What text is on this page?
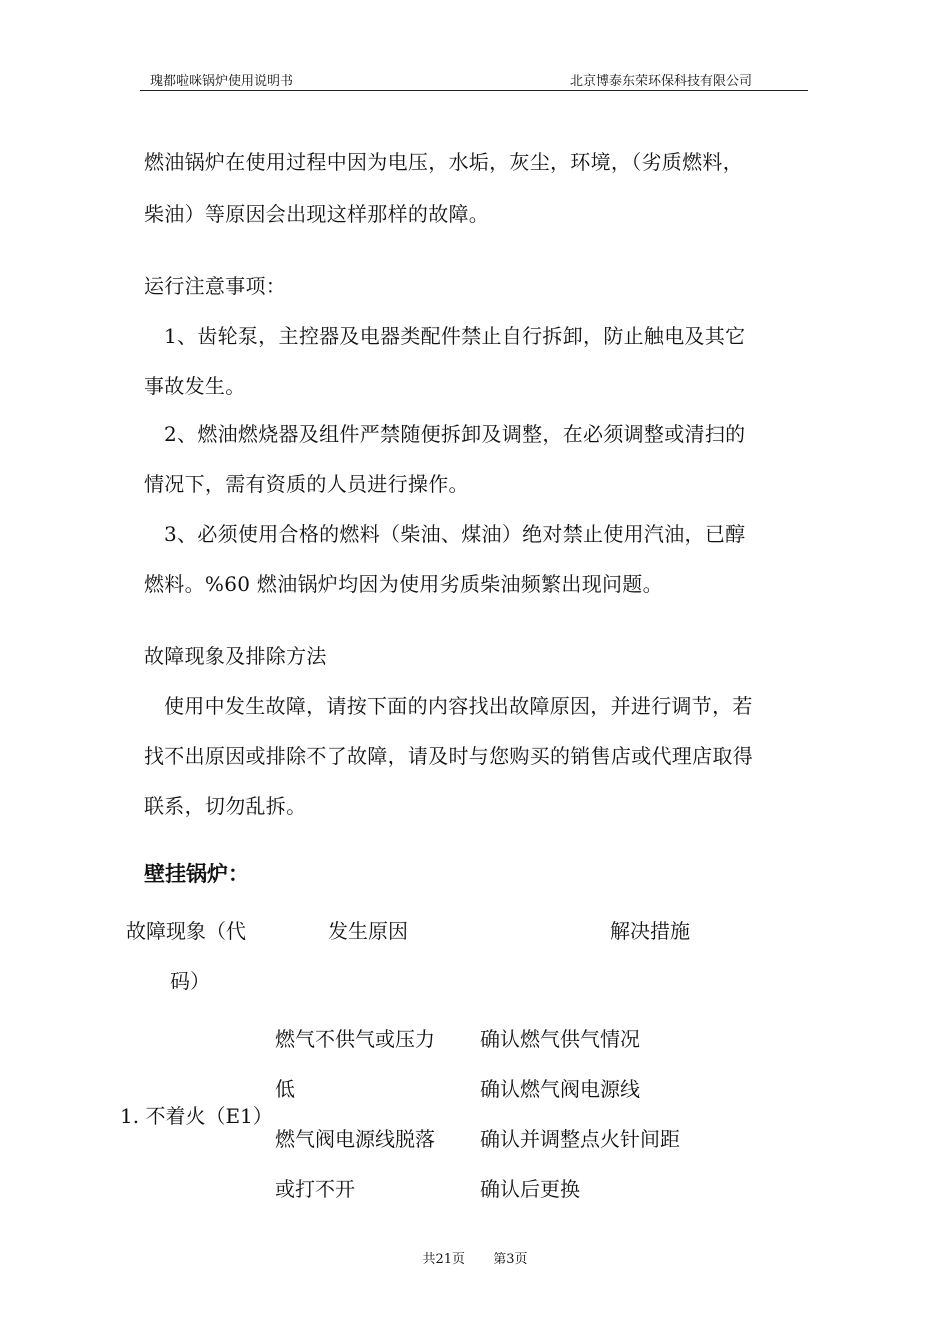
瑰都啦咪锅炉使用说明书	北京博泰东荣环保科技有限公司
燃油锅炉在使用过程中因为电压，水垢，灰尘，环境，（劣质燃料，
柴油）等原因会出现这样那样的故障。
运行注意事项：
1、齿轮泵，主控器及电器类配件禁止自行拆卸，防止触电及其它
事故发生。
2、燃油燃烧器及组件严禁随便拆卸及调整，在必须调整或清扫的
情况下，需有资质的人员进行操作。
3、必须使用合格的燃料（柴油、煤油）绝对禁止使用汽油，已醇
燃料。%60 燃油锅炉均因为使用劣质柴油频繁出现问题。
故障现象及排除方法
使用中发生故障，请按下面的内容找出故障原因，并进行调节，若
找不出原因或排除不了故障，请及时与您购买的销售店或代理店取得
联系，切勿乱拆。
壁挂锅炉：
故障现象（代
码）
发生原因	解决措施
1. 不着火（E1）
燃气不供气或压力
低
燃气阀电源线脱落
或打不开
确认燃气供气情况
确认燃气阀电源线
确认并调整点火针间距
确认后更换
共21页 第3页
